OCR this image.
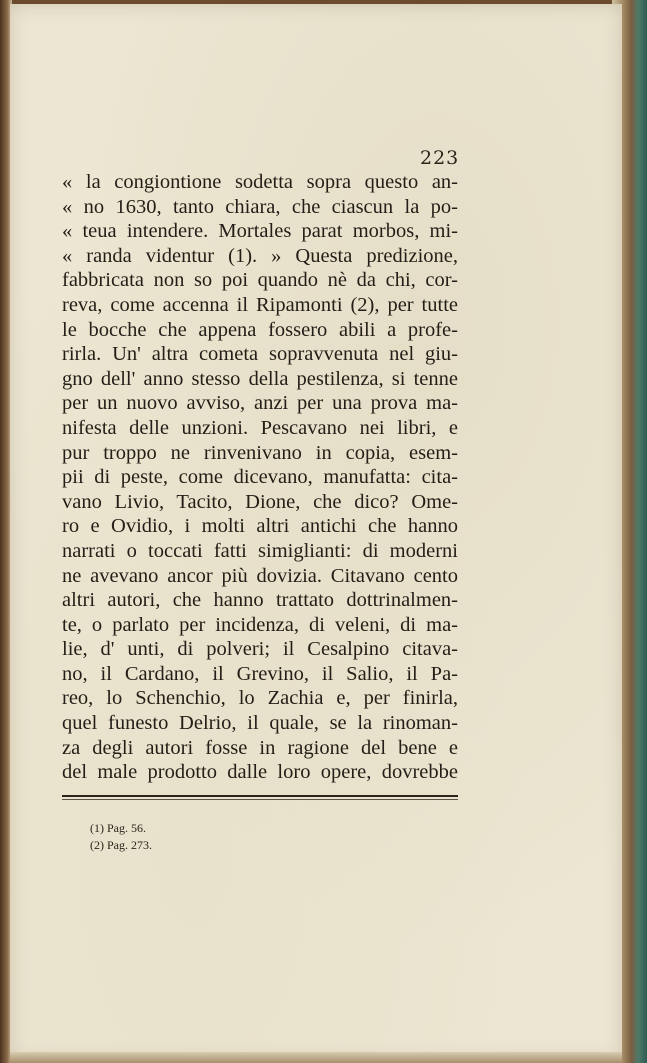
223
« la congiontione sodetta sopra questo an-
« no 1630, tanto chiara, che ciascun la po-
« teua intendere. Mortales parat morbos, mi-
« randa videntur (1). » Questa predizione,
fabbricata non so poi quando nè da chi, cor-
reva, come accenna il Ripamonti (2), per tutte
le bocche che appena fossero abili a profe-
rirla. Un' altra cometa sopravvenuta nel giu-
gno dell' anno stesso della pestilenza, si tenne
per un nuovo avviso, anzi per una prova ma-
nifesta delle unzioni. Pescavano nei libri, e
pur troppo ne rinvenivano in copia, esem-
pii di peste, come dicevano, manufatta: cita-
vano Livio, Tacito, Dione, che dico? Ome-
ro e Ovidio, i molti altri antichi che hanno
narrati o toccati fatti simiglianti: di moderni
ne avevano ancor più dovizia. Citavano cento
altri autori, che hanno trattato dottrinalmen-
te, o parlato per incidenza, di veleni, di ma-
lie, d' unti, di polveri; il Cesalpino citava-
no, il Cardano, il Grevino, il Salio, il Pa-
reo, lo Schenchio, lo Zachia e, per finirla,
quel funesto Delrio, il quale, se la rinoman-
za degli autori fosse in ragione del bene e
del male prodotto dalle loro opere, dovrebbe
(1) Pag. 56.
(2) Pag. 273.
